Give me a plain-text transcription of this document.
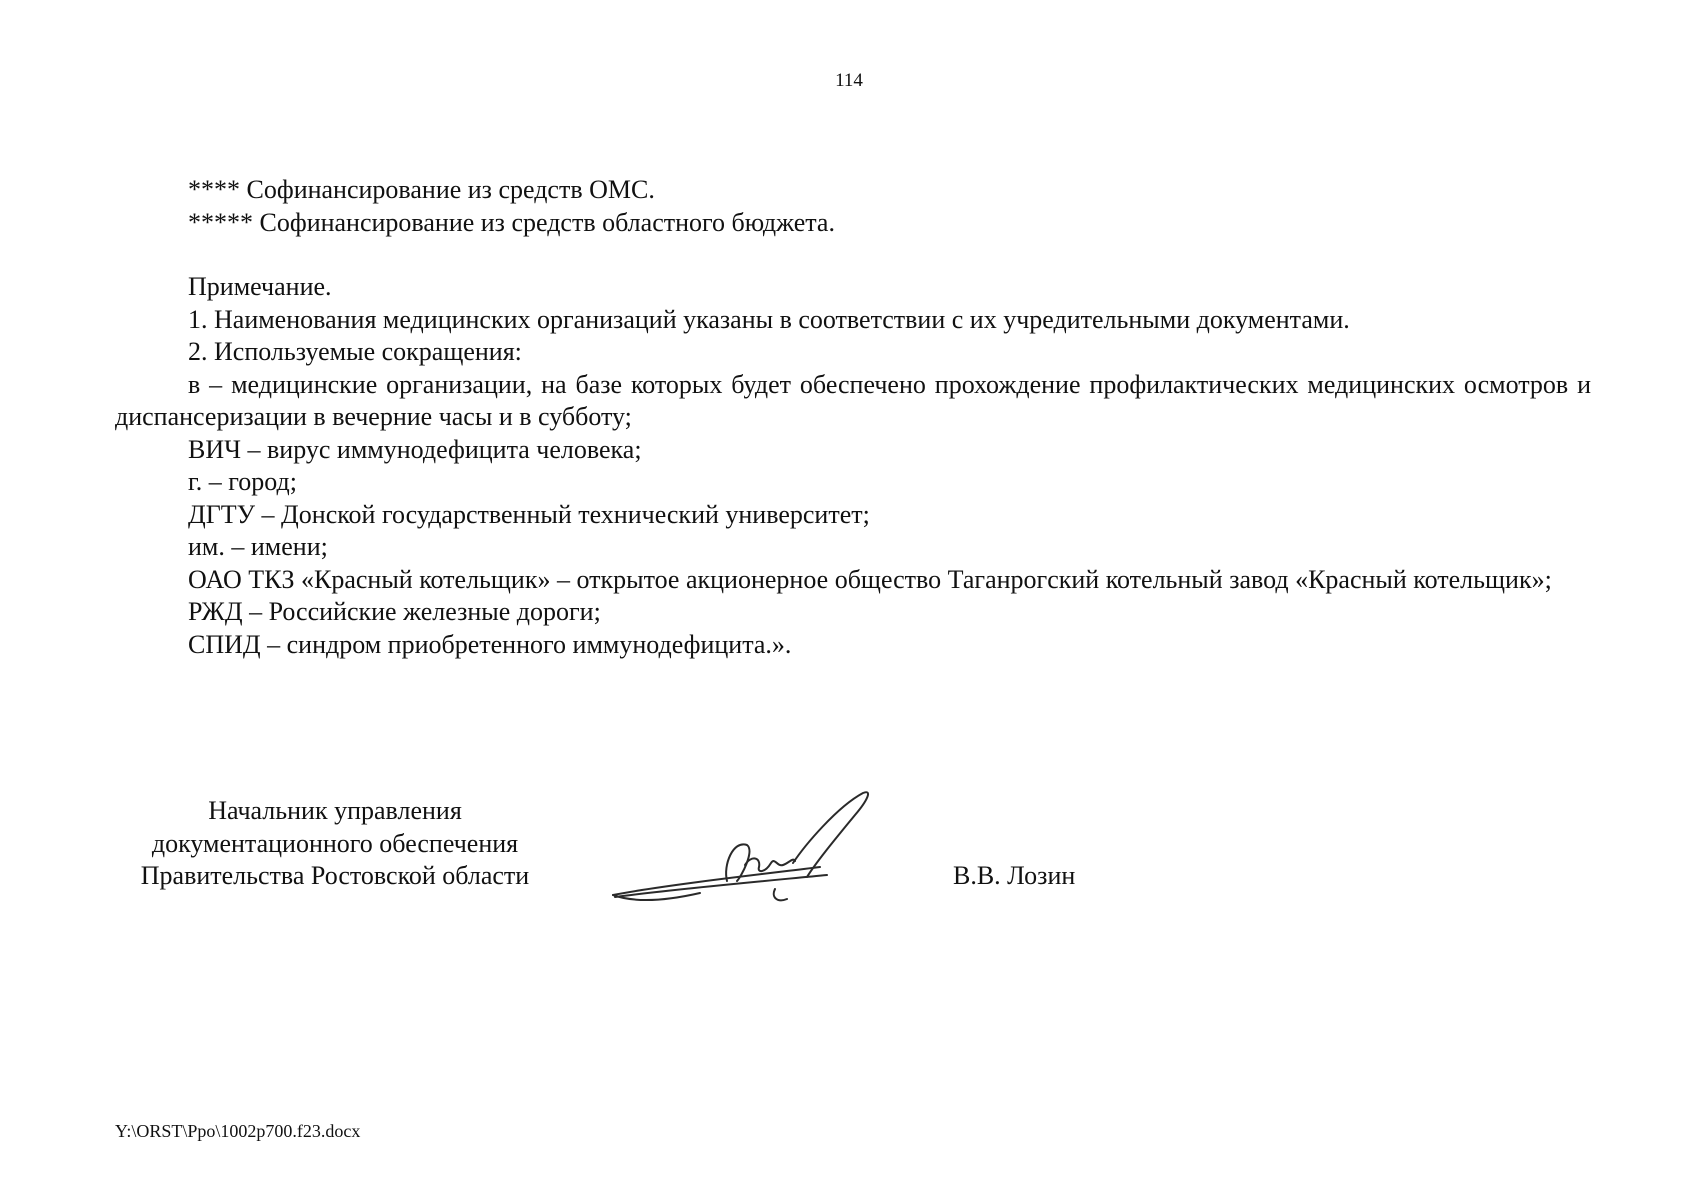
114

**** Софинансирование из средств ОМС.

***** Софинансирование из средств областного бюджета.

Примечание.

1. Наименования медицинских организаций указаны в соответствии с их учредительными документами.

2. Используемые сокращения:

в – медицинские организации, на базе которых будет обеспечено прохождение профилактических медицинских осмотров и диспансеризации в вечерние часы и в субботу;

ВИЧ – вирус иммунодефицита человека;

г. – город;

ДГТУ – Донской государственный технический университет;

им. – имени;

ОАО ТКЗ «Красный котельщик» – открытое акционерное общество Таганрогский котельный завод «Красный котельщик»;

РЖД – Российские железные дороги;

СПИД – синдром приобретенного иммунодефицита.».

Начальник управления
документационного обеспечения
Правительства Ростовской области	В.В. Лозин
Y:\ORST\Ppo\1002p700.f23.docx
